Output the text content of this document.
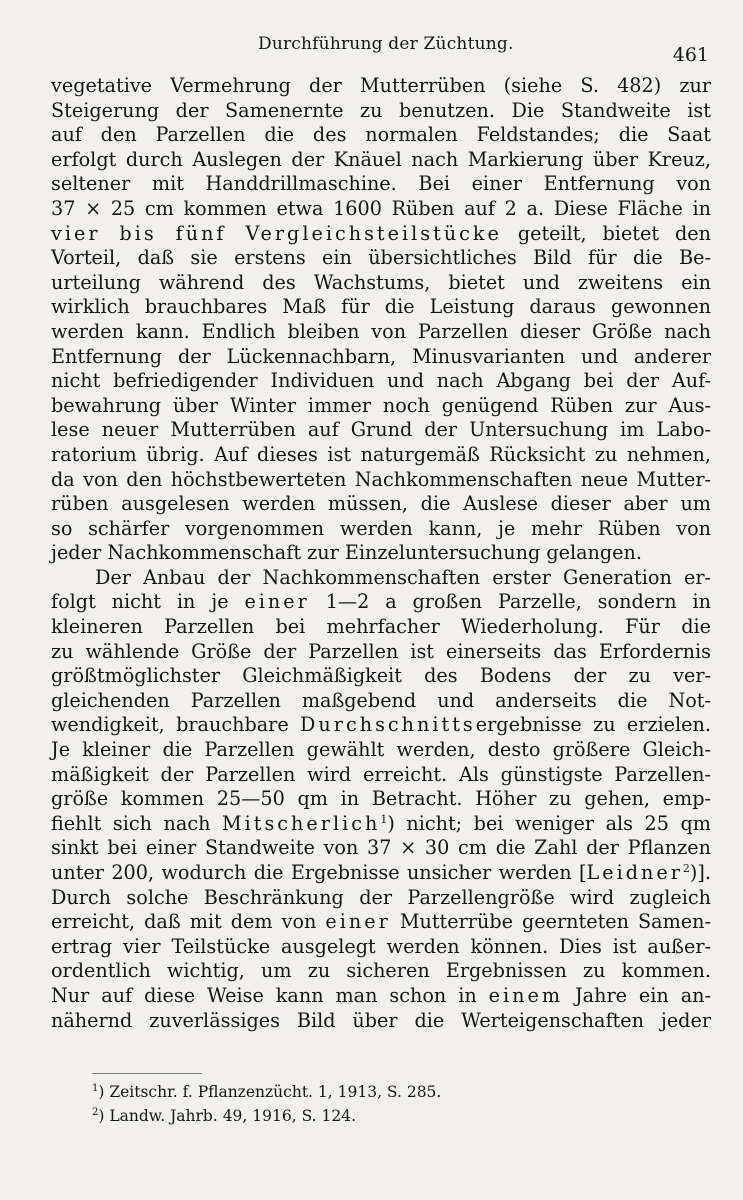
Durchführung der Züchtung.	461
vegetative Vermehrung der Mutterrüben (siehe S. 482) zur
Steigerung der Samenernte zu benutzen. Die Standweite ist
auf den Parzellen die des normalen Feldstandes; die Saat
erfolgt durch Auslegen der Knäuel nach Markierung über Kreuz,
seltener mit Handdrillmaschine. Bei einer Entfernung von
37 × 25 cm kommen etwa 1600 Rüben auf 2 a. Diese Fläche in
vier bis fünf Vergleichsteilstücke geteilt, bietet den
Vorteil, daß sie erstens ein übersichtliches Bild für die Be-
urteilung während des Wachstums, bietet und zweitens ein
wirklich brauchbares Maß für die Leistung daraus gewonnen
werden kann. Endlich bleiben von Parzellen dieser Größe nach
Entfernung der Lückennachbarn, Minusvarianten und anderer
nicht befriedigender Individuen und nach Abgang bei der Auf-
bewahrung über Winter immer noch genügend Rüben zur Aus-
lese neuer Mutterrüben auf Grund der Untersuchung im Labo-
ratorium übrig. Auf dieses ist naturgemäß Rücksicht zu nehmen,
da von den höchstbewerteten Nachkommenschaften neue Mutter-
rüben ausgelesen werden müssen, die Auslese dieser aber um
so schärfer vorgenommen werden kann, je mehr Rüben von
jeder Nachkommenschaft zur Einzeluntersuchung gelangen.
Der Anbau der Nachkommenschaften erster Generation er-
folgt nicht in je einer 1—2 a großen Parzelle, sondern in
kleineren Parzellen bei mehrfacher Wiederholung. Für die
zu wählende Größe der Parzellen ist einerseits das Erfordernis
größtmöglichster Gleichmäßigkeit des Bodens der zu ver-
gleichenden Parzellen maßgebend und anderseits die Not-
wendigkeit, brauchbare Durchschnittsergebnisse zu erzielen.
Je kleiner die Parzellen gewählt werden, desto größere Gleich-
mäßigkeit der Parzellen wird erreicht. Als günstigste Parzellen-
größe kommen 25—50 qm in Betracht. Höher zu gehen, emp-
fiehlt sich nach Mitscherlich$^1$) nicht; bei weniger als 25 qm
sinkt bei einer Standweite von 37 × 30 cm die Zahl der Pflanzen
unter 200, wodurch die Ergebnisse unsicher werden [Leidner$^2$)].
Durch solche Beschränkung der Parzellengröße wird zugleich
erreicht, daß mit dem von einer Mutterrübe geernteten Samen-
ertrag vier Teilstücke ausgelegt werden können. Dies ist außer-
ordentlich wichtig, um zu sicheren Ergebnissen zu kommen.
Nur auf diese Weise kann man schon in einem Jahre ein an-
nähernd zuverlässiges Bild über die Werteigenschaften jeder
$^1$) Zeitschr. f. Pflanzenzücht. 1, 1913, S. 285.
$^2$) Landw. Jahrb. 49, 1916, S. 124.
